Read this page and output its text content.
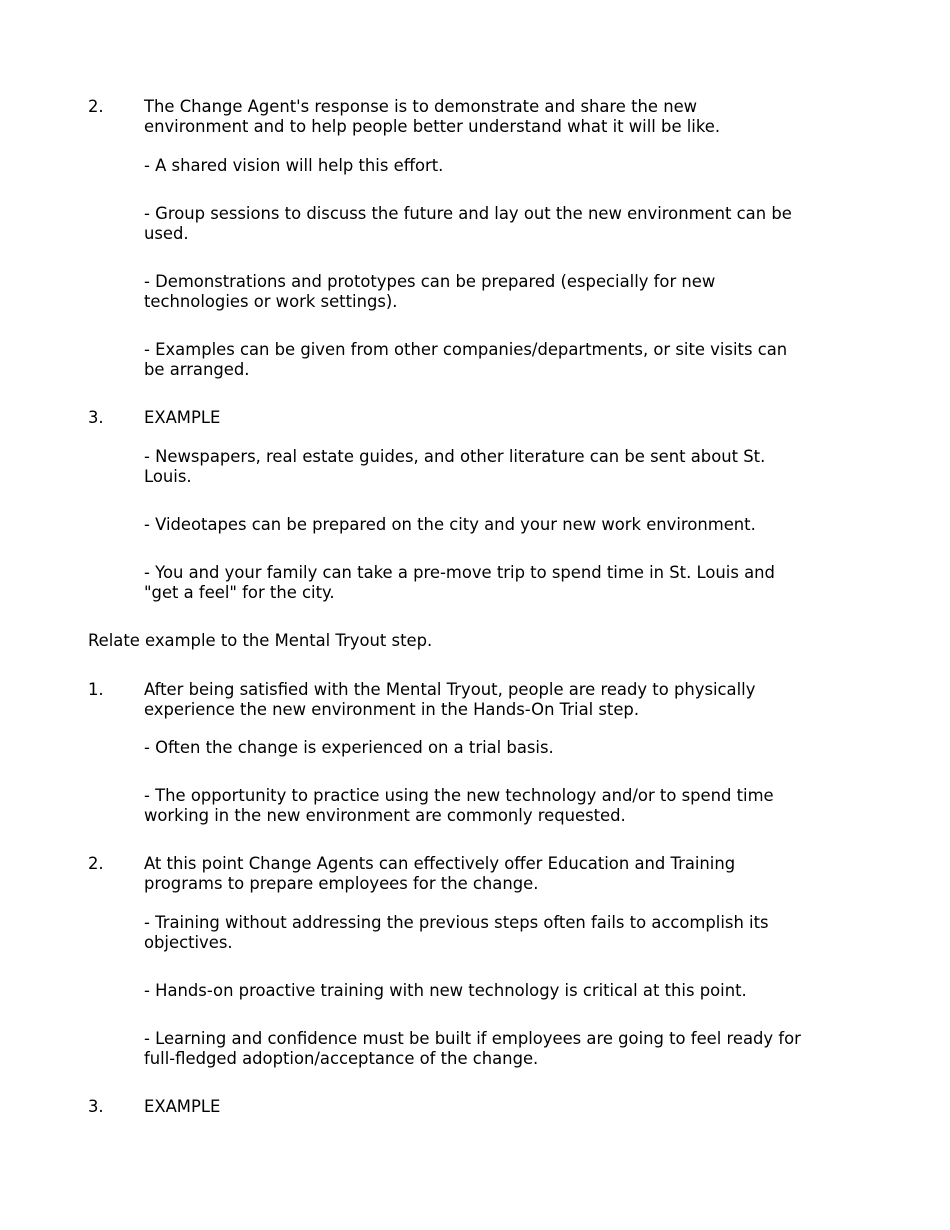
2. The Change Agent's response is to demonstrate and share the new environment and to help people better understand what it will be like.
- A shared vision will help this effort.
- Group sessions to discuss the future and lay out the new environment can be used.
- Demonstrations and prototypes can be prepared (especially for new technologies or work settings).
- Examples can be given from other companies/departments, or site visits can be arranged.
3. EXAMPLE
- Newspapers, real estate guides, and other literature can be sent about St. Louis.
- Videotapes can be prepared on the city and your new work environment.
- You and your family can take a pre-move trip to spend time in St. Louis and "get a feel" for the city.
Relate example to the Mental Tryout step.
1. After being satisfied with the Mental Tryout, people are ready to physically experience the new environment in the Hands-On Trial step.
- Often the change is experienced on a trial basis.
- The opportunity to practice using the new technology and/or to spend time working in the new environment are commonly requested.
2. At this point Change Agents can effectively offer Education and Training programs to prepare employees for the change.
- Training without addressing the previous steps often fails to accomplish its objectives.
- Hands-on proactive training with new technology is critical at this point.
- Learning and confidence must be built if employees are going to feel ready for full-fledged adoption/acceptance of the change.
3. EXAMPLE
